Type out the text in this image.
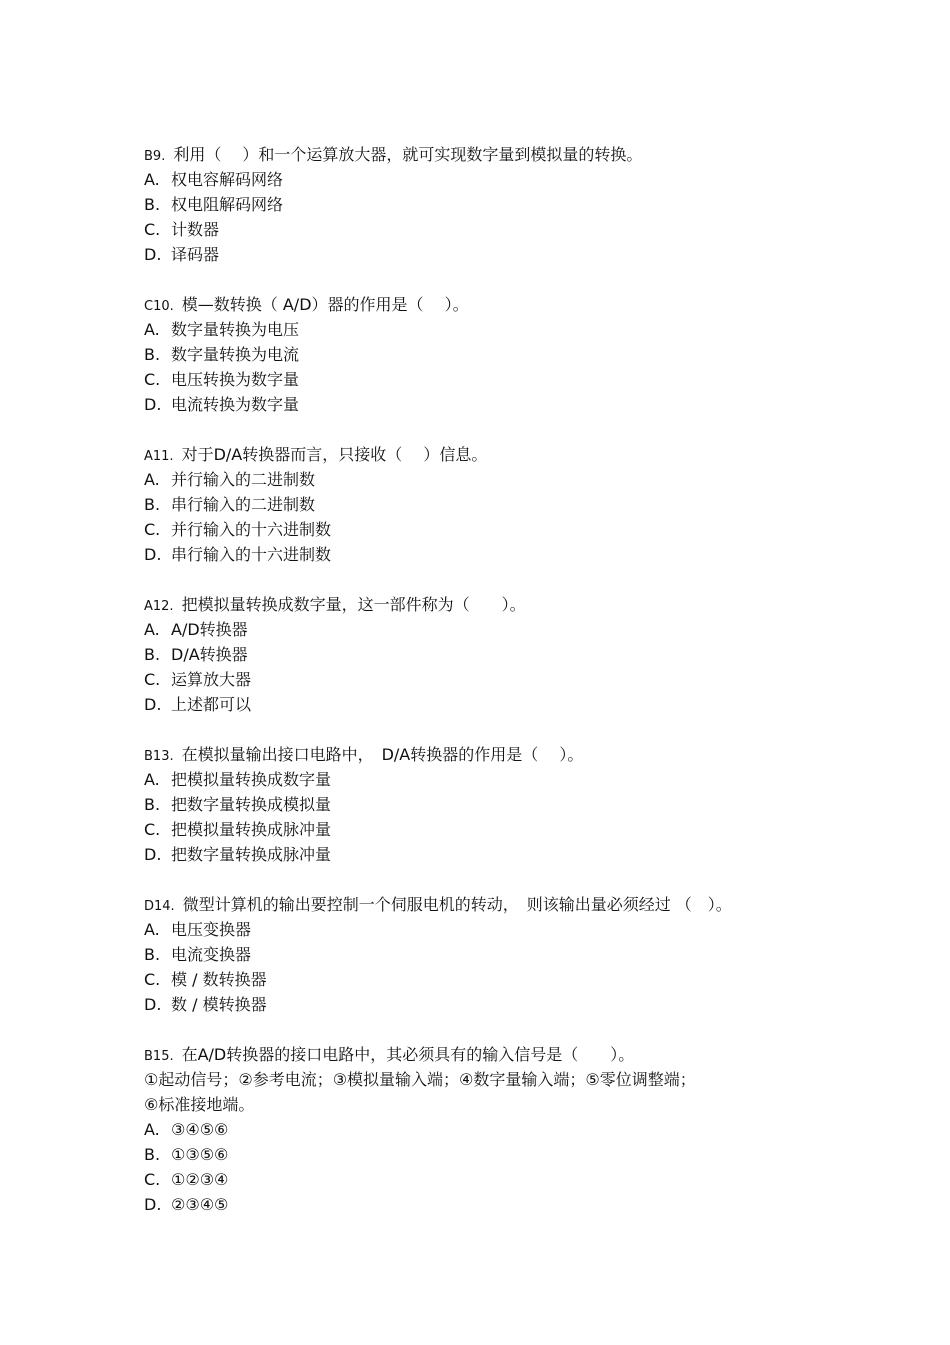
B9. 利用（　 ）和一个运算放大器，就可实现数字量到模拟量的转换。
A. 权电容解码网络
B. 权电阻解码网络
C. 计数器
D. 译码器
C10. 模—数转换（ A/D）器的作用是（　 ）。
A. 数字量转换为电压
B. 数字量转换为电流
C. 电压转换为数字量
D. 电流转换为数字量
A11. 对于D/A转换器而言，只接收（　 ）信息。
A. 并行输入的二进制数
B. 串行输入的二进制数
C. 并行输入的十六进制数
D. 串行输入的十六进制数
A12. 把模拟量转换成数字量，这一部件称为（　　）。
A. A/D转换器
B. D/A转换器
C. 运算放大器
D. 上述都可以
B13. 在模拟量输出接口电路中，　D/A转换器的作用是（　 ）。
A. 把模拟量转换成数字量
B. 把数字量转换成模拟量
C. 把模拟量转换成脉冲量
D. 把数字量转换成脉冲量
D14. 微型计算机的输出要控制一个伺服电机的转动，　则该输出量必须经过 （　）。
A. 电压变换器
B. 电流变换器
C. 模 / 数转换器
D. 数 / 模转换器
B15. 在A/D转换器的接口电路中，其必须具有的输入信号是（　　）。
①起动信号；②参考电流；③模拟量输入端；④数字量输入端；⑤零位调整端；
⑥标准接地端。
A. ③④⑤⑥
B. ①③⑤⑥
C. ①②③④
D. ②③④⑤
